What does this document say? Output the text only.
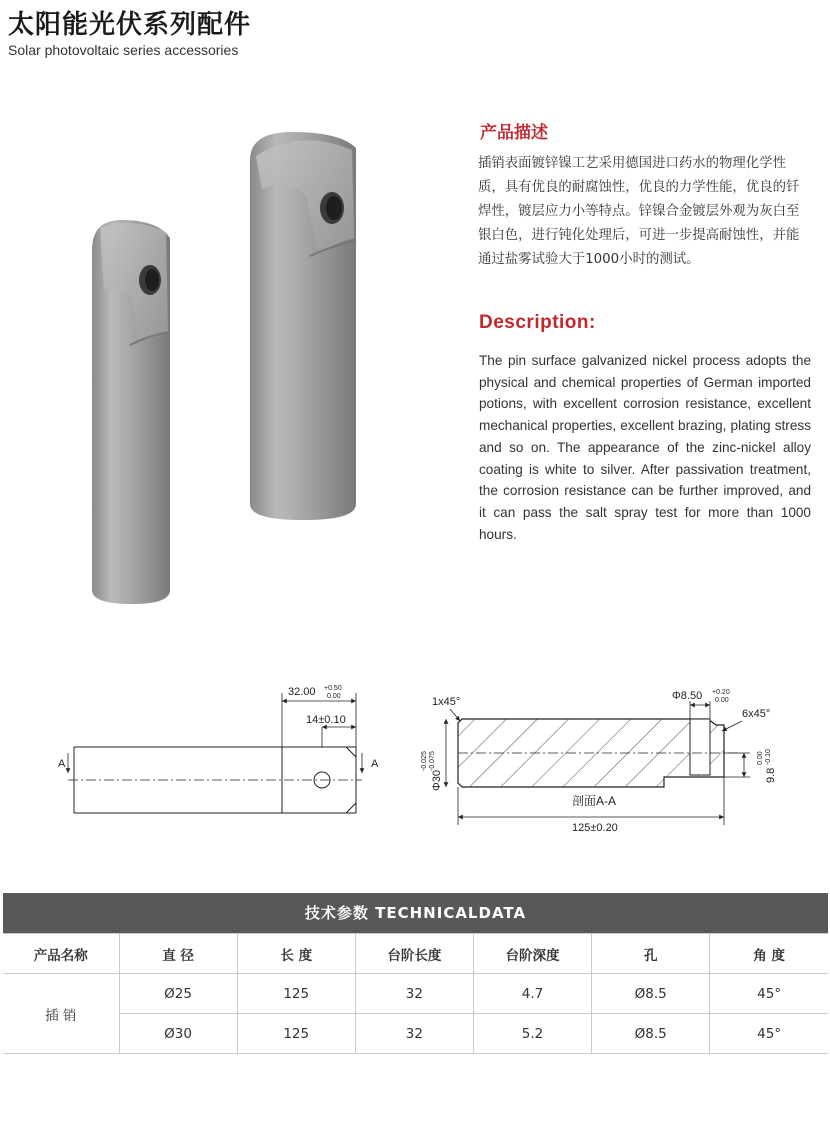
太阳能光伏系列配件
Solar photovoltaic series accessories
产品描述
插销表面镀锌镍工艺采用德国进口药水的物理化学性
质，具有优良的耐腐蚀性，优良的力学性能，优良的钎
焊性，镀层应力小等特点。锌镍合金镀层外观为灰白至
银白色，进行钝化处理后，可进一步提高耐蚀性，并能
通过盐雾试验大于1000小时的测试。
Description:
The pin surface galvanized nickel process adopts the physical and chemical properties of German imported potions, with excellent corrosion resistance, excellent mechanical properties, excellent brazing, plating stress and so on. The appearance of the zinc-nickel alloy coating is white to silver. After passivation treatment, the corrosion resistance can be further improved, and it can pass the salt spray test for more than 1000 hours.
32.00 +0.50
0.00
14±0.10
A	A
Φ30
-0.025 -0.075
1x45°	Φ8.50 +0.20
0.00
6x45°
9.8
0.00 -0.10
剖面A-A
125±0.20
技术参数 TECHNICALDATA
产品名称	直 径	长 度	台阶长度	台阶深度	孔	角 度
插 销	Ø25	125	32	4.7	Ø8.5	45°
	Ø30	125	32	5.2	Ø8.5	45°
